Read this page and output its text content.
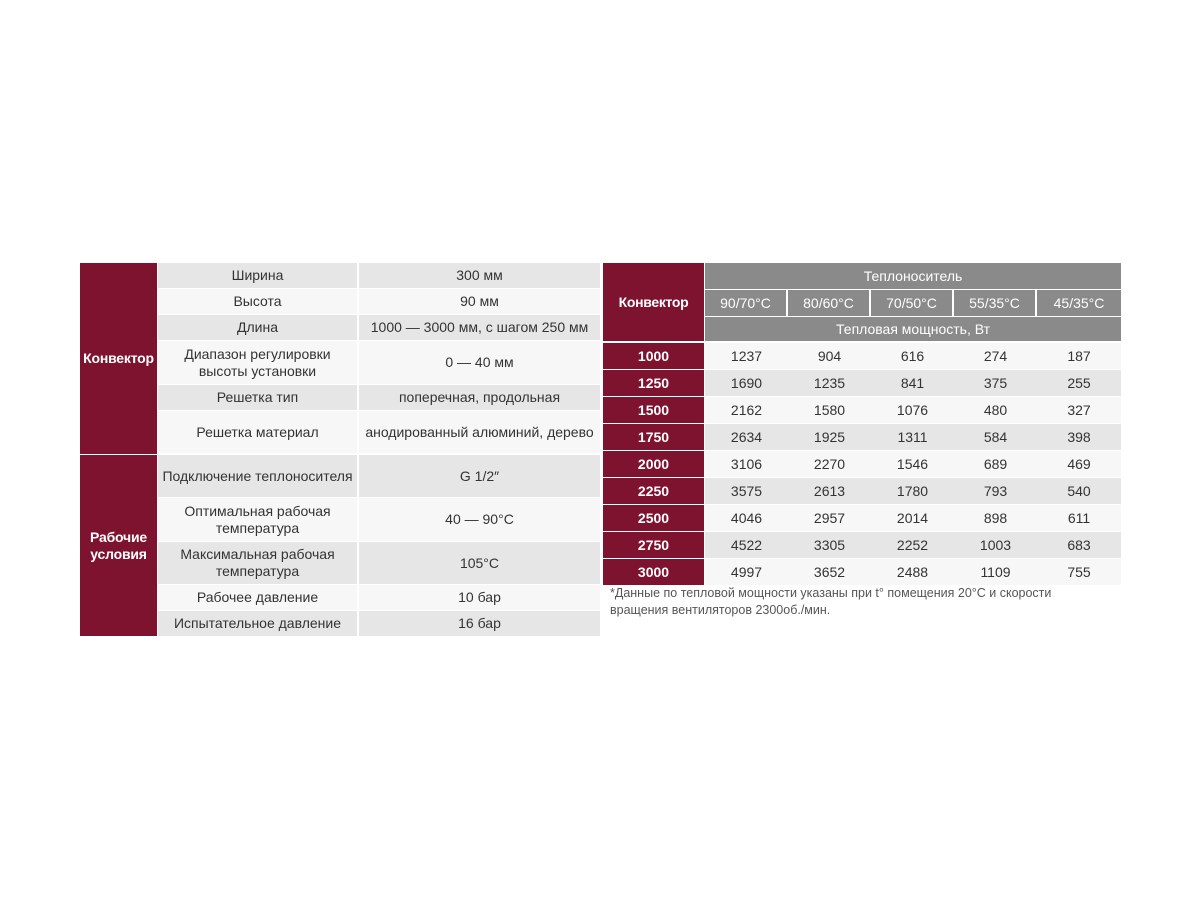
Конвектор	Ширина	300 мм
	Высота	90 мм
	Длина	1000 — 3000 мм, с шагом 250 мм
	Диапазон регулировки высоты установки	0 — 40 мм
	Решетка тип	поперечная, продольная
	Решетка материал	анодированный алюминий, дерево
Рабочие условия	Подключение теплоносителя	G 1/2″
	Оптимальная рабочая температура	40 — 90°C
	Максимальная рабочая температура	105°C
	Рабочее давление	10 бар
	Испытательное давление	16 бар
Конвектор	Теплоноситель				
	90/70°C	80/60°C	70/50°C	55/35°C	45/35°C
	Тепловая мощность, Вт				
1000	1237	904	616	274	187
1250	1690	1235	841	375	255
1500	2162	1580	1076	480	327
1750	2634	1925	1311	584	398
2000	3106	2270	1546	689	469
2250	3575	2613	1780	793	540
2500	4046	2957	2014	898	611
2750	4522	3305	2252	1003	683
3000	4997	3652	2488	1109	755
*Данные по тепловой мощности указаны при t° помещения 20°C и скорости вращения вентиляторов 2300об./мин.
